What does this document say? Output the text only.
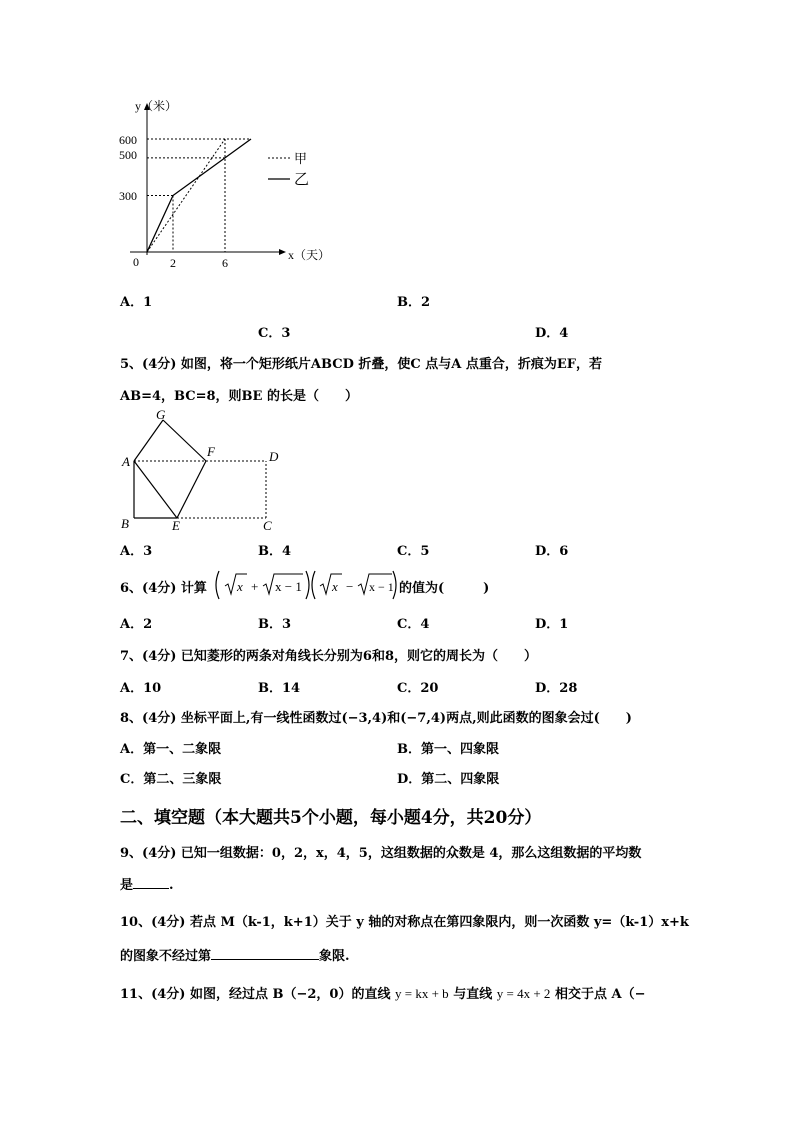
甲
乙
y（米）
x（天）
0
600
500
300
2	6
A．1	B．2
C．3	D．4
5、(4分) 如图，将一个矩形纸片ABCD 折叠，使C 点与A 点重合，折痕为EF，若
AB=4，BC=8，则BE 的长是（　　）
G
A
F	D
B	E	C
A．3	B．4	C．5	D．6
6、(4分) 计算 x + x − 1 x − x − 1 的值为(　　　)
A．2	B．3	C．4	D．1
7、(4分) 已知菱形的两条对角线长分别为6和8，则它的周长为（　　）
A．10	B．14	C．20	D．28
8、(4分) 坐标平面上,有一线性函数过(−3,4)和(−7,4)两点,则此函数的图象会过(　　)
A．第一、二象限	B．第一、四象限
C．第二、三象限	D．第二、四象限
二、填空题（本大题共5个小题，每小题4分，共20分）
9、(4分) 已知一组数据：0，2，x，4，5，这组数据的众数是 4，那么这组数据的平均数
是	.
10、(4分) 若点 M（k-1，k+1）关于 y 轴的对称点在第四象限内，则一次函数 y=（k-1）x+k
的图象不经过第	象限.
11、(4分) 如图，经过点 B（−2，0）的直线 y = kx + b 与直线 y = 4x + 2 相交于点 A（−
